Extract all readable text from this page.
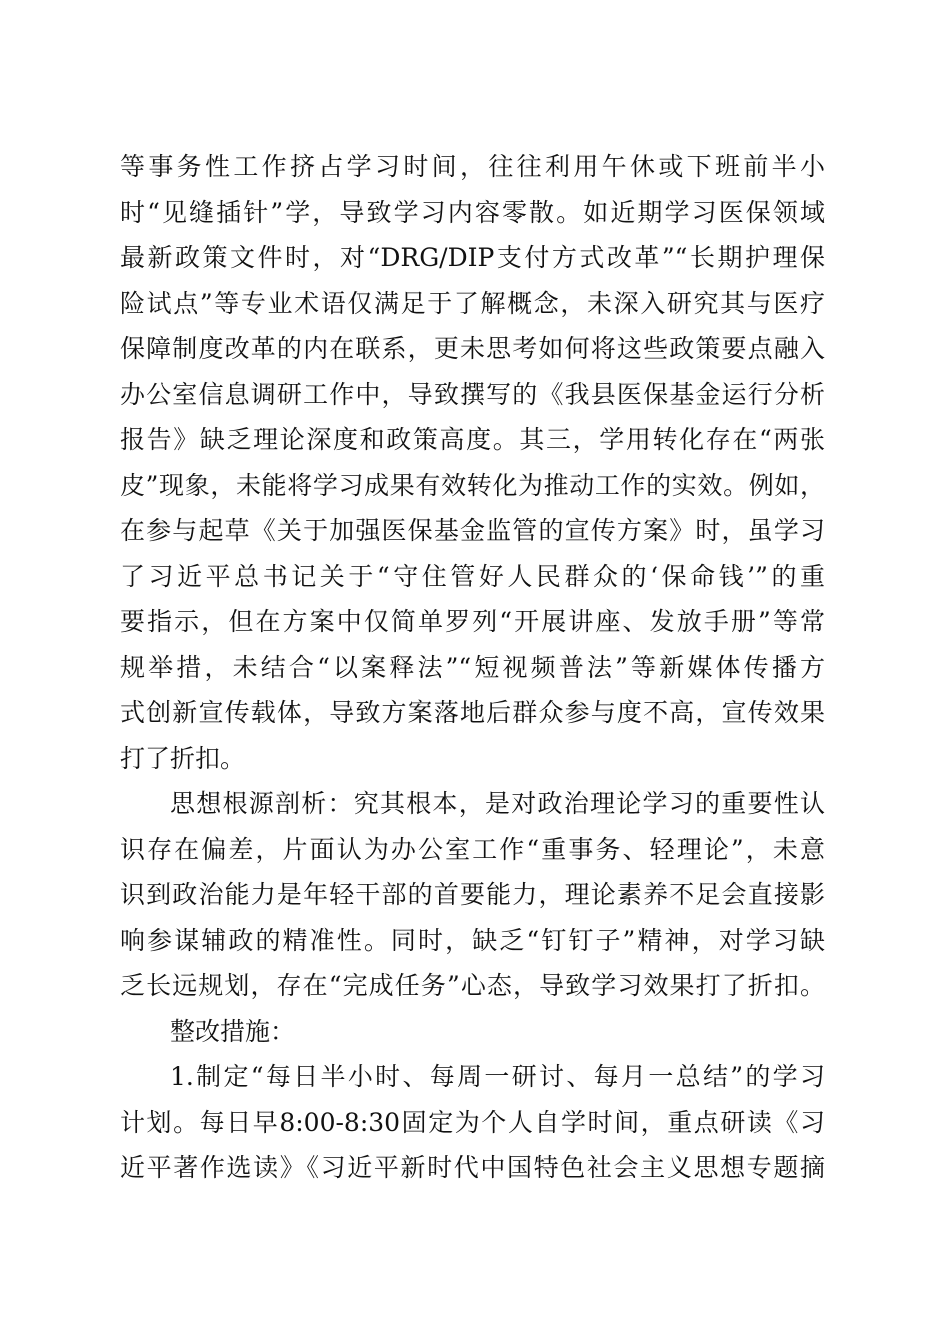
等事务性工作挤占学习时间，往往利用午休或下班前半小
时“见缝插针”学，导致学习内容零散。如近期学习医保领域
最新政策文件时，对“DRG/DIP支付方式改革”“长期护理保
险试点”等专业术语仅满足于了解概念，未深入研究其与医疗
保障制度改革的内在联系，更未思考如何将这些政策要点融入
办公室信息调研工作中，导致撰写的《我县医保基金运行分析
报告》缺乏理论深度和政策高度。其三，学用转化存在“两张
皮”现象，未能将学习成果有效转化为推动工作的实效。例如，
在参与起草《关于加强医保基金监管的宣传方案》时，虽学习
了习近平总书记关于“守住管好人民群众的‘保命钱’”的重
要指示，但在方案中仅简单罗列“开展讲座、发放手册”等常
规举措，未结合“以案释法”“短视频普法”等新媒体传播方
式创新宣传载体，导致方案落地后群众参与度不高，宣传效果
打了折扣。
思想根源剖析：究其根本，是对政治理论学习的重要性认
识存在偏差，片面认为办公室工作“重事务、轻理论”，未意
识到政治能力是年轻干部的首要能力，理论素养不足会直接影
响参谋辅政的精准性。同时，缺乏“钉钉子”精神，对学习缺
乏长远规划，存在“完成任务”心态，导致学习效果打了折扣。
整改措施：
1.制定“每日半小时、每周一研讨、每月一总结”的学习
计划。每日早8:00-8:30固定为个人自学时间，重点研读《习
近平著作选读》《习近平新时代中国特色社会主义思想专题摘
